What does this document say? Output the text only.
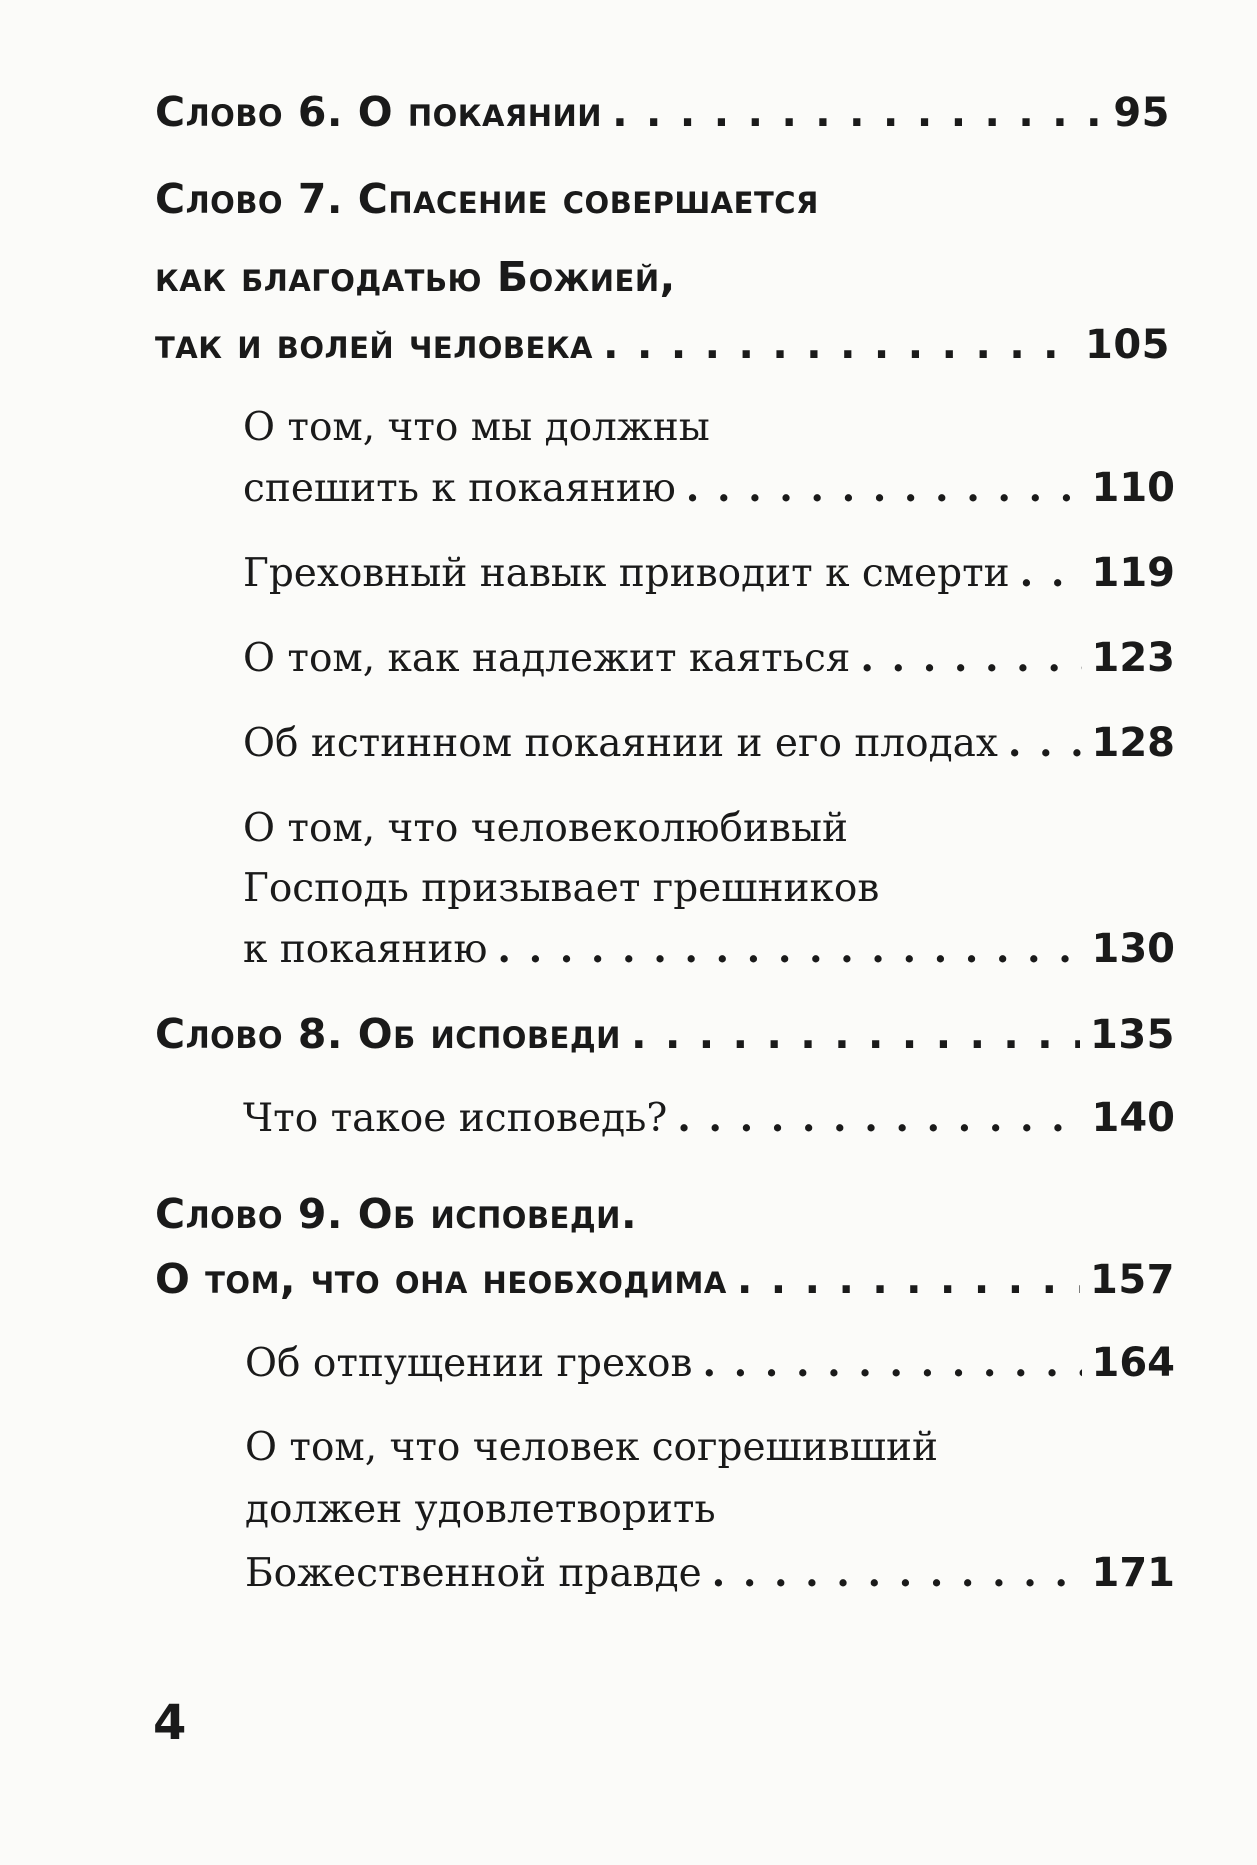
Слово 6. О покаянии . . .	95
Слово 7. Спасение совершается
как благодатью Божией,
так и волей человека . . .	105
О том, что мы должны
спешить к покаянию . . .	110
Греховный навык приводит к смерти . . . 119
О том, как надлежит каяться . . .	123
Об истинном покаянии и его плодах . . . 128
О том, что человеколюбивый
Господь призывает грешников
к покаянию . . .	130
Слово 8. Об исповеди . . .	135
Что такое исповедь? . . .	140
Слово 9. Об исповеди.
О том, что она необходима . . .	157
Об отпущении грехов . . .	164
О том, что человек согрешивший
должен удовлетворить
Божественной правде . . .	171
4
